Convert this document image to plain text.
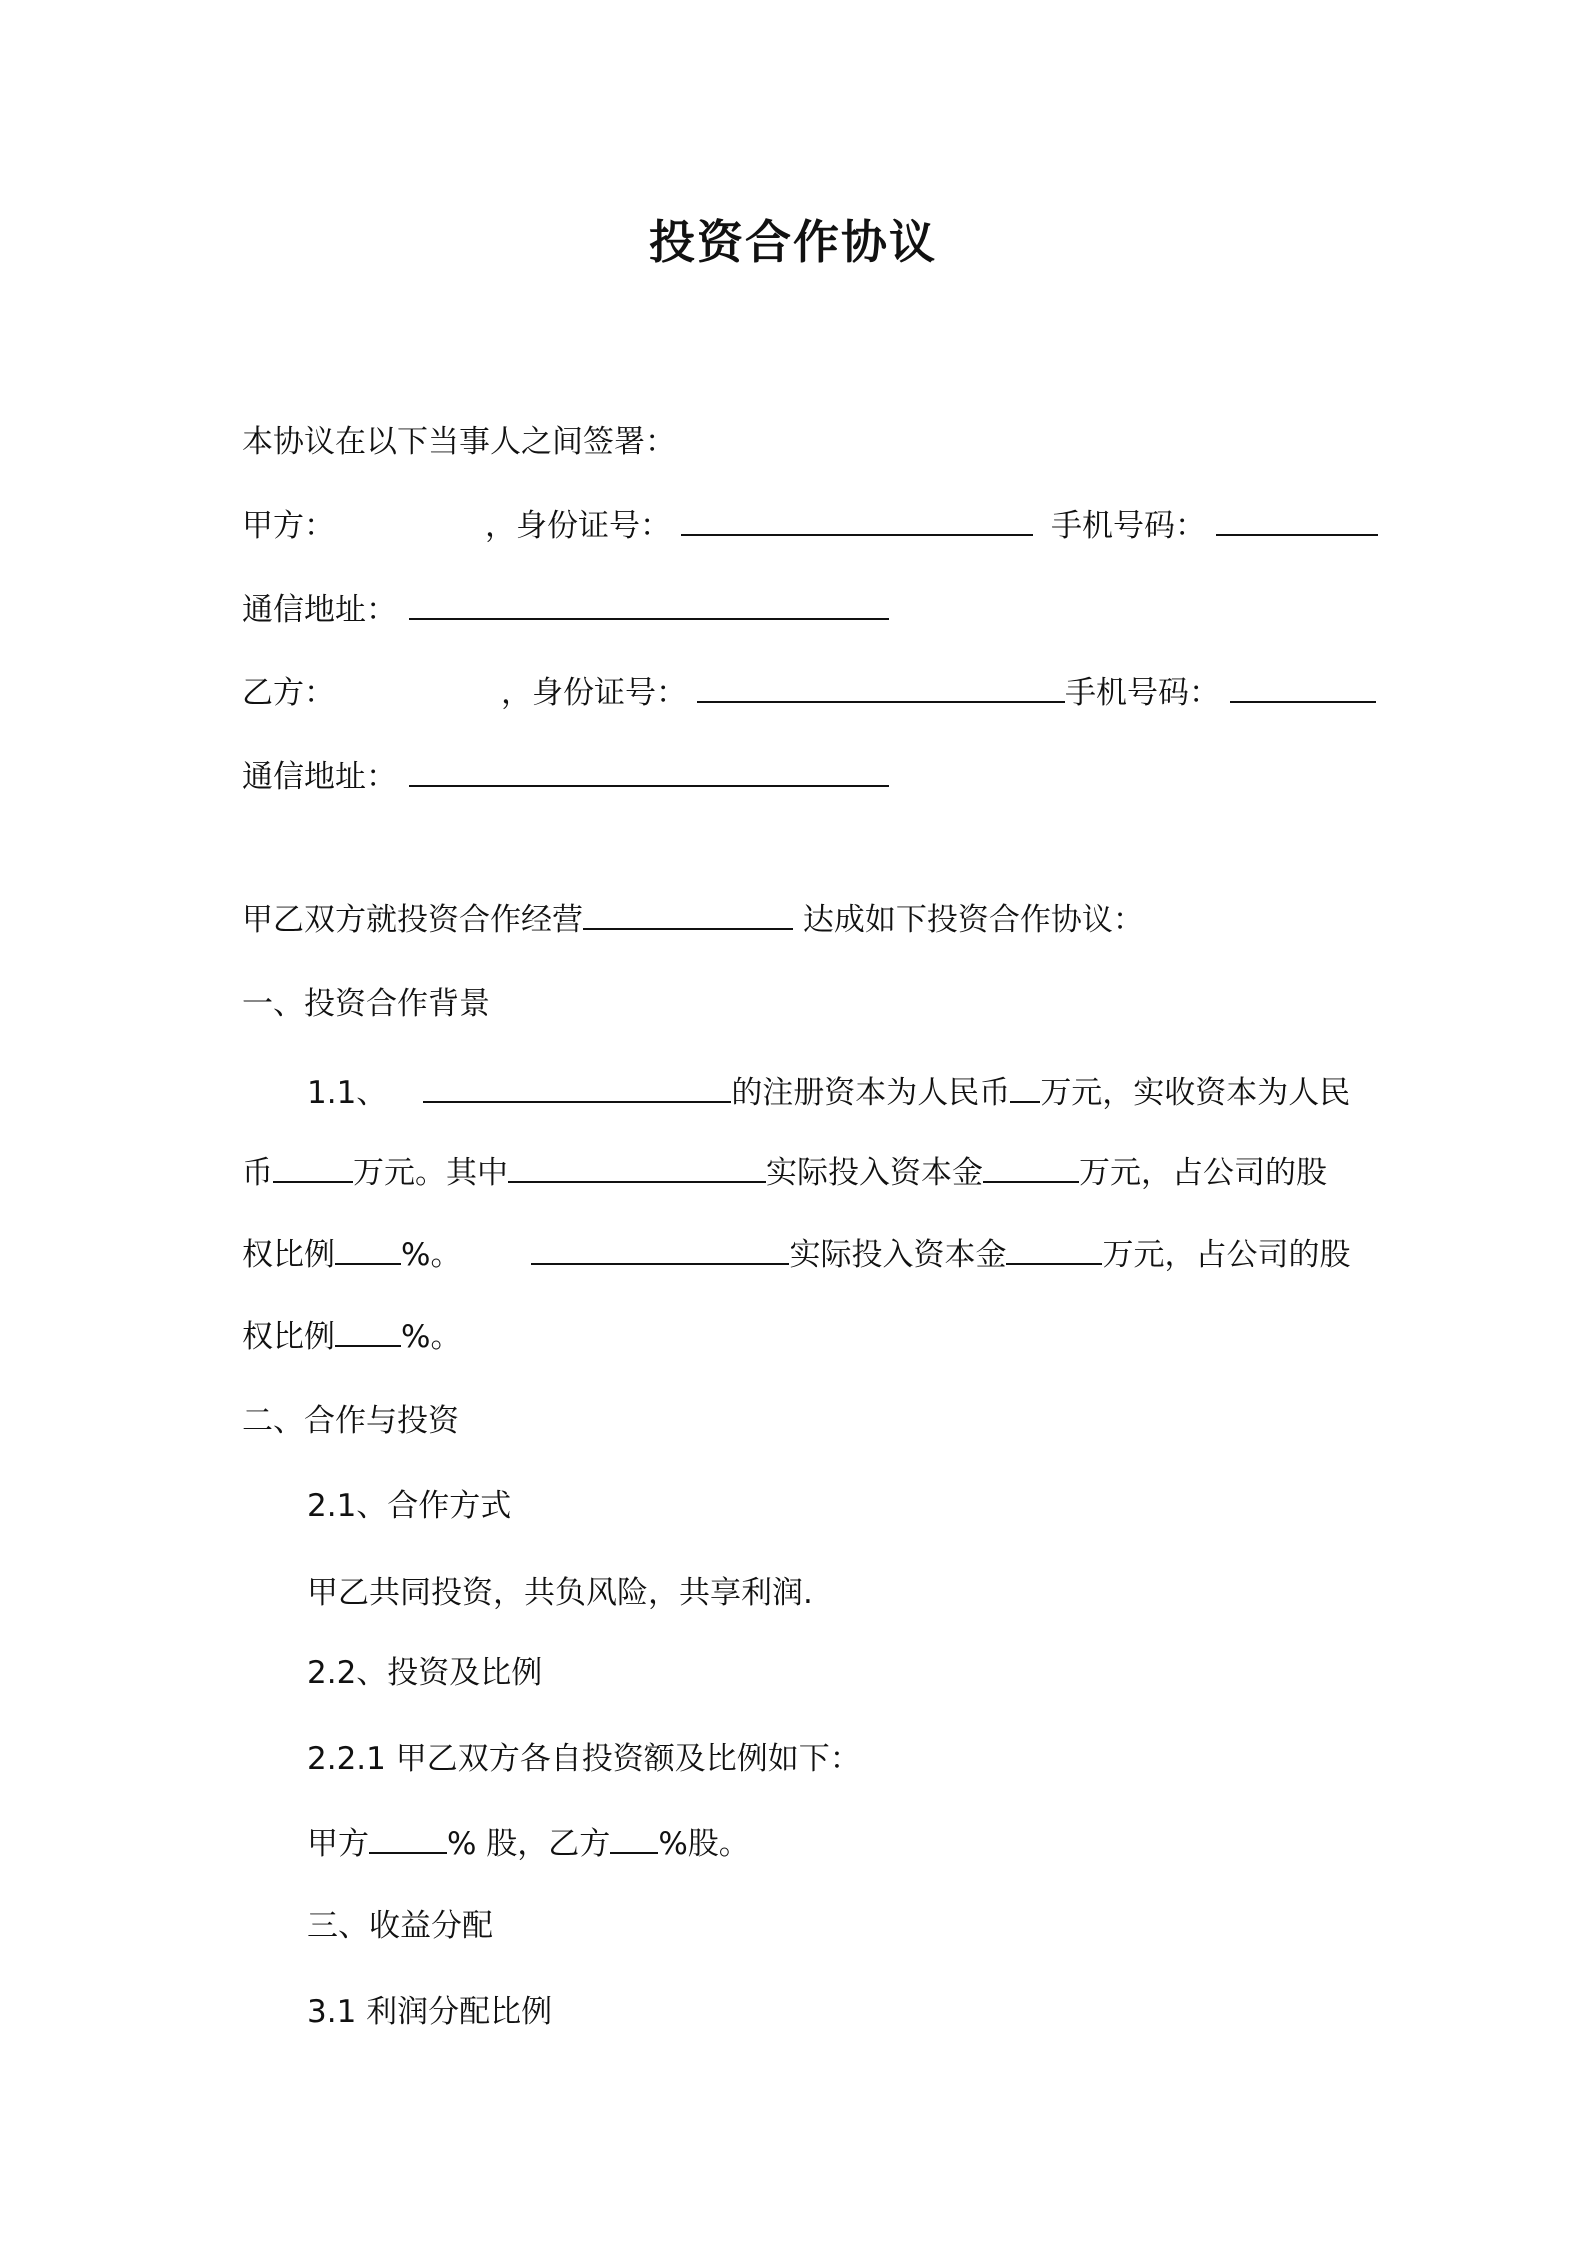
投资合作协议
本协议在以下当事人之间签署：
甲方：	，身份证号：	手机号码：
通信地址：
乙方：	，身份证号：	手机号码：
通信地址：
甲乙双方就投资合作经营	达成如下投资合作协议：
一、投资合作背景
1.1、	的注册资本为人民币 万元，实收资本为人民
币	万元。其中	实际投入资本金	万元，占公司的股
权比例 %。	实际投入资本金	万元，占公司的股
权比例 %。
二、合作与投资
2.1、合作方式
甲乙共同投资，共负风险，共享利润.
2.2、投资及比例
2.2.1 甲乙双方各自投资额及比例如下：
甲方	% 股，乙方 %股。
三、收益分配
3.1 利润分配比例
